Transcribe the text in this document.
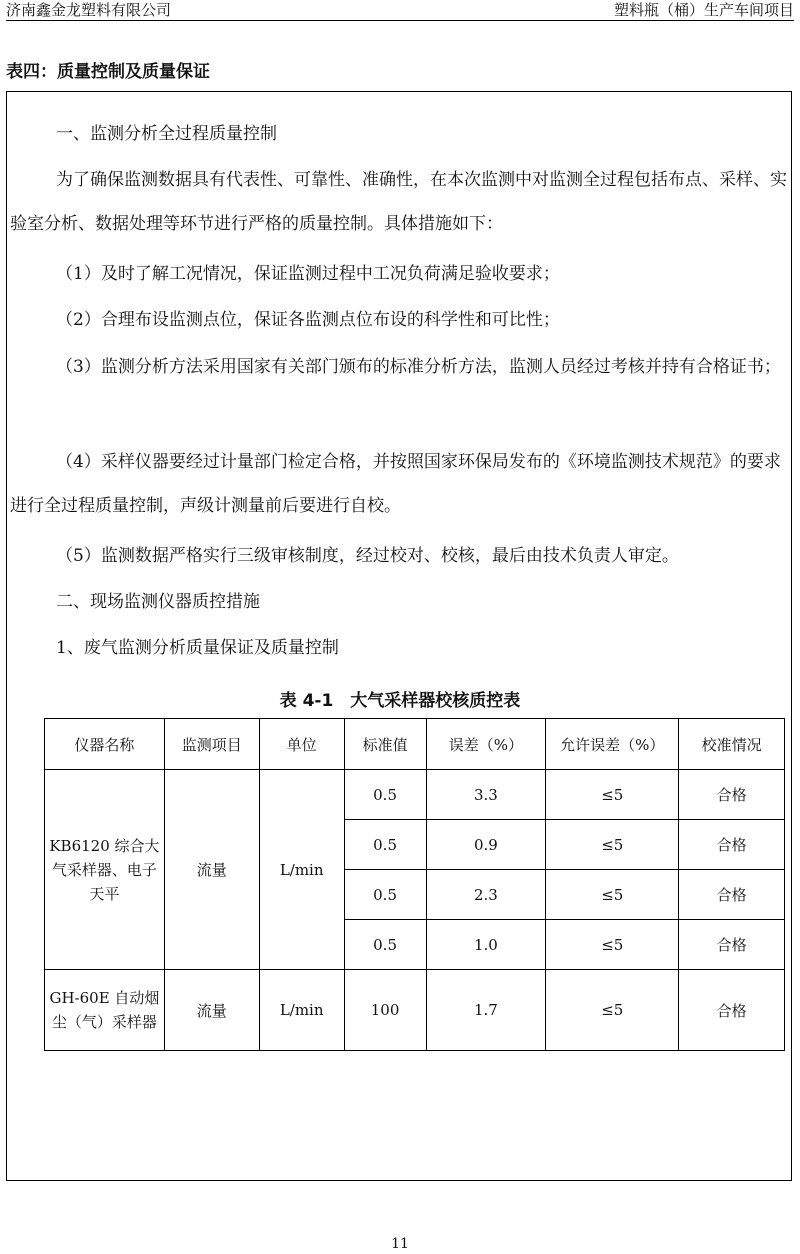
济南鑫金龙塑料有限公司	塑料瓶（桶）生产车间项目
表四：质量控制及质量保证

一、监测分析全过程质量控制

为了确保监测数据具有代表性、可靠性、准确性，在本次监测中对监测全过程包括布点、采样、实验室分析、数据处理等环节进行严格的质量控制。具体措施如下：

（1）及时了解工况情况，保证监测过程中工况负荷满足验收要求；

（2）合理布设监测点位，保证各监测点位布设的科学性和可比性；

（3）监测分析方法采用国家有关部门颁布的标准分析方法，监测人员经过考核并持有合格证书；

（4）采样仪器要经过计量部门检定合格，并按照国家环保局发布的《环境监测技术规范》的要求进行全过程质量控制，声级计测量前后要进行自校。

（5）监测数据严格实行三级审核制度，经过校对、校核，最后由技术负责人审定。

二、现场监测仪器质控措施

1、废气监测分析质量保证及质量控制

表 4-1　大气采样器校核质控表
仪器名称	监测项目	单位	标准值	误差（%）	允许误差（%）	校准情况
KB6120 综合大气采样器、电子天平	流量	L/min	0.5	3.3	≤5	合格
			0.5	0.9	≤5	合格
			0.5	2.3	≤5	合格
			0.5	1.0	≤5	合格
GH-60E 自动烟尘（气）采样器	流量	L/min	100	1.7	≤5	合格
11
